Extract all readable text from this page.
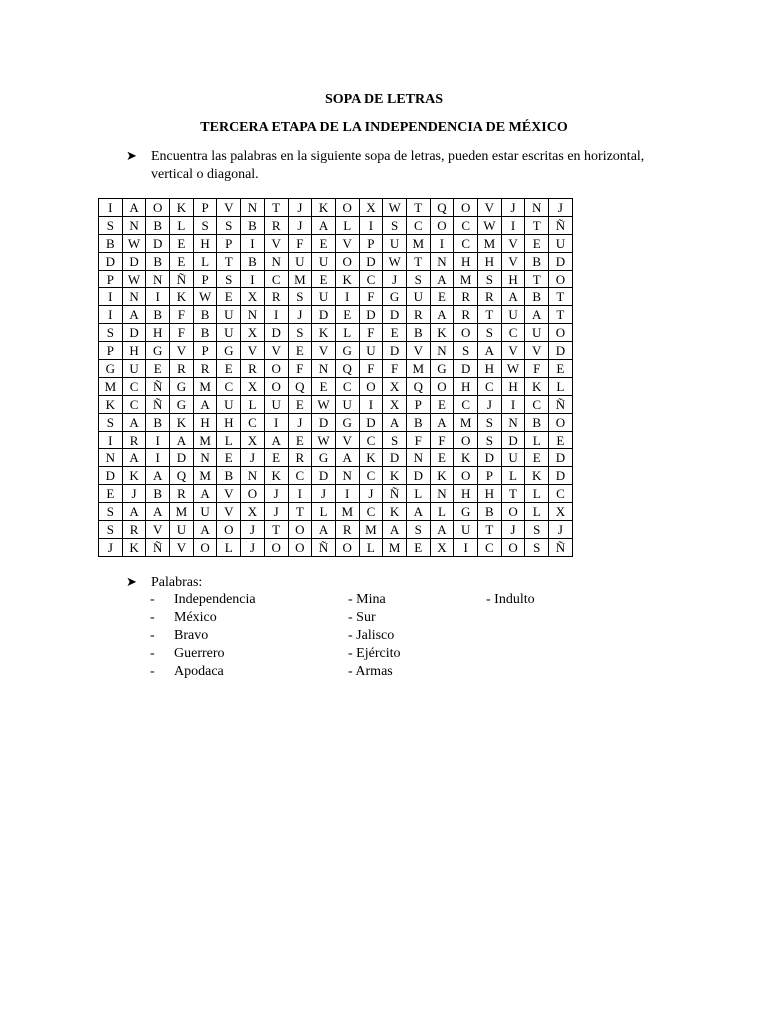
SOPA DE LETRAS
TERCERA ETAPA DE LA INDEPENDENCIA DE MÉXICO
➤ Encuentra las palabras en la siguiente sopa de letras, pueden estar escritas en horizontal, vertical o diagonal.
I	A	O	K	P	V	N	T	J	K	O	X	W	T	Q	O	V	J	N	J
S	N	B	L	S	S	B	R	J	A	L	I	S	C	O	C	W	I	T	Ñ
B	W	D	E	H	P	I	V	F	E	V	P	U	M	I	C	M	V	E	U
D	D	B	E	L	T	B	N	U	U	O	D	W	T	N	H	H	V	B	D
P	W	N	Ñ	P	S	I	C	M	E	K	C	J	S	A	M	S	H	T	O
I	N	I	K	W	E	X	R	S	U	I	F	G	U	E	R	R	A	B	T
I	A	B	F	B	U	N	I	J	D	E	D	D	R	A	R	T	U	A	T
S	D	H	F	B	U	X	D	S	K	L	F	E	B	K	O	S	C	U	O
P	H	G	V	P	G	V	V	E	V	G	U	D	V	N	S	A	V	V	D
G	U	E	R	R	E	R	O	F	N	Q	F	F	M	G	D	H	W	F	E
M	C	Ñ	G	M	C	X	O	Q	E	C	O	X	Q	O	H	C	H	K	L
K	C	Ñ	G	A	U	L	U	E	W	U	I	X	P	E	C	J	I	C	Ñ
S	A	B	K	H	H	C	I	J	D	G	D	A	B	A	M	S	N	B	O
I	R	I	A	M	L	X	A	E	W	V	C	S	F	F	O	S	D	L	E
N	A	I	D	N	E	J	E	R	G	A	K	D	N	E	K	D	U	E	D
D	K	A	Q	M	B	N	K	C	D	N	C	K	D	K	O	P	L	K	D
E	J	B	R	A	V	O	J	I	J	I	J	Ñ	L	N	H	H	T	L	C
S	A	A	M	U	V	X	J	T	L	M	C	K	A	L	G	B	O	L	X
S	R	V	U	A	O	J	T	O	A	R	M	A	S	A	U	T	J	S	J
J	K	Ñ	V	O	L	J	O	O	Ñ	O	L	M	E	X	I	C	O	S	Ñ
➤ Palabras:
- Independencia
- México
- Bravo
- Guerrero
- Apodaca
- Mina
- Sur
- Jalisco
- Ejército
- Armas
- Indulto
